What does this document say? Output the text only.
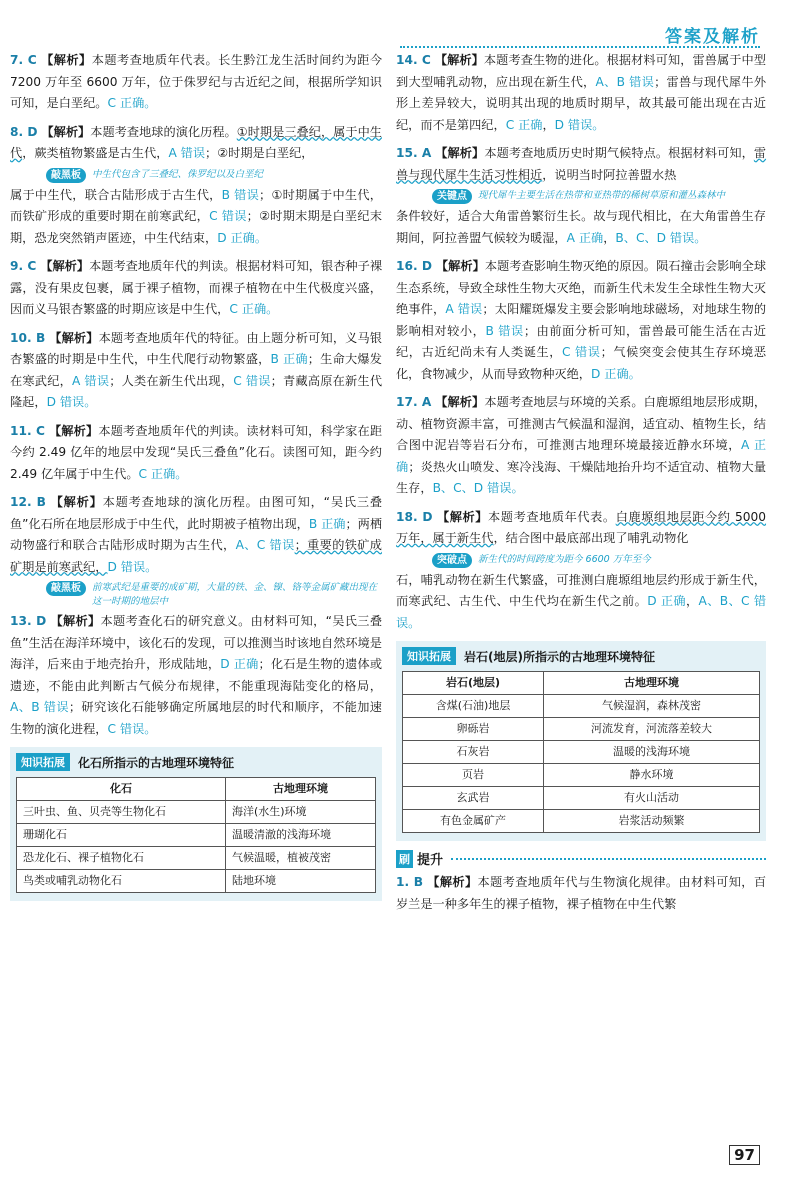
答案及解析
7. C 【解析】本题考查地质年代表。长生黔江龙生活时间约为距今 7200 万年至 6600 万年，位于侏罗纪与古近纪之间，根据所学知识可知，是白垩纪。C 正确。
8. D 【解析】本题考查地球的演化历程。①时期是三叠纪，属于中生代，蕨类植物繁盛是古生代，A 错误；②时期是白垩纪，
敲黑板	中生代包含了三叠纪、侏罗纪以及白垩纪
属于中生代，联合古陆形成于古生代，B 错误；①时期属于中生代，而铁矿形成的重要时期在前寒武纪，C 错误；②时期末期是白垩纪末期，恐龙突然销声匿迹，中生代结束，D 正确。
9. C 【解析】本题考查地质年代的判读。根据材料可知，银杏种子裸露，没有果皮包裹，属于裸子植物，而裸子植物在中生代极度兴盛，因而义马银杏繁盛的时期应该是中生代，C 正确。
10. B 【解析】本题考查地质年代的特征。由上题分析可知，义马银杏繁盛的时期是中生代，中生代爬行动物繁盛，B 正确；生命大爆发在寒武纪，A 错误；人类在新生代出现，C 错误；青藏高原在新生代隆起，D 错误。
11. C 【解析】本题考查地质年代的判读。读材料可知，科学家在距今约 2.49 亿年的地层中发现“吴氏三叠鱼”化石。读图可知，距今约 2.49 亿年属于中生代。C 正确。
12. B 【解析】本题考查地球的演化历程。由图可知，“吴氏三叠鱼”化石所在地层形成于中生代，此时期被子植物出现，B 正确；两栖动物盛行和联合古陆形成时期为古生代，A、C 错误；重要的铁矿成矿期是前寒武纪，D 错误。
敲黑板	前寒武纪是重要的成矿期，大量的铁、金、镍、铬等金属矿藏出现在这一时期的地层中
13. D 【解析】本题考查化石的研究意义。由材料可知，“吴氏三叠鱼”生活在海洋环境中，该化石的发现，可以推测当时该地自然环境是海洋，后来由于地壳抬升，形成陆地，D 正确；化石是生物的遗体或遗迹，不能由此判断古气候分布规律，不能重现海陆变化的格局，A、B 错误；研究该化石能够确定所属地层的时代和顺序，不能加速生物的演化进程，C 错误。
知识拓展	化石所指示的古地理环境特征
化石	古地理环境
三叶虫、鱼、贝壳等生物化石	海洋(水生)环境
珊瑚化石	温暖清澈的浅海环境
恐龙化石、裸子植物化石	气候温暖，植被茂密
鸟类或哺乳动物化石	陆地环境
14. C 【解析】本题考查生物的进化。根据材料可知，雷兽属于中型到大型哺乳动物，应出现在新生代，A、B 错误；雷兽与现代犀牛外形上差异较大，说明其出现的地质时期早，故其最可能出现在古近纪，而不是第四纪，C 正确，D 错误。
15. A 【解析】本题考查地质历史时期气候特点。根据材料可知，雷兽与现代犀牛生活习性相近，说明当时阿拉善盟水热
关键点	现代犀牛主要生活在热带和亚热带的稀树草原和灌丛森林中
条件较好，适合大角雷兽繁衍生长。故与现代相比，在大角雷兽生存期间，阿拉善盟气候较为暖湿，A 正确，B、C、D 错误。
16. D 【解析】本题考查影响生物灭绝的原因。陨石撞击会影响全球生态系统，导致全球性生物大灭绝，而新生代未发生全球性生物大灭绝事件，A 错误；太阳耀斑爆发主要会影响地球磁场，对地球生物的影响相对较小，B 错误；由前面分析可知，雷兽最可能生活在古近纪，古近纪尚未有人类诞生，C 错误；气候突变会使其生存环境恶化，食物减少，从而导致物种灭绝，D 正确。
17. A 【解析】本题考查地层与环境的关系。白鹿塬组地层形成期，动、植物资源丰富，可推测古气候温和湿润，适宜动、植物生长，结合图中泥岩等岩石分布，可推测古地理环境最接近静水环境，A 正确；炎热火山喷发、寒冷浅海、干燥陆地抬升均不适宜动、植物大量生存，B、C、D 错误。
18. D 【解析】本题考查地质年代表。白鹿塬组地层距今约 5000 万年，属于新生代，结合图中最底部出现了哺乳动物化
突破点	新生代的时间跨度为距今 6600 万年至今
石，哺乳动物在新生代繁盛，可推测白鹿塬组地层约形成于新生代，而寒武纪、古生代、中生代均在新生代之前。D 正确，A、B、C 错误。
知识拓展	岩石(地层)所指示的古地理环境特征
岩石(地层)	古地理环境
含煤(石油)地层	气候湿润，森林茂密
卵砾岩	河流发育，河流落差较大
石灰岩	温暖的浅海环境
页岩	静水环境
玄武岩	有火山活动
有色金属矿产	岩浆活动频繁
刷 提升
1. B 【解析】本题考查地质年代与生物演化规律。由材料可知，百岁兰是一种多年生的裸子植物，裸子植物在中生代繁
97
